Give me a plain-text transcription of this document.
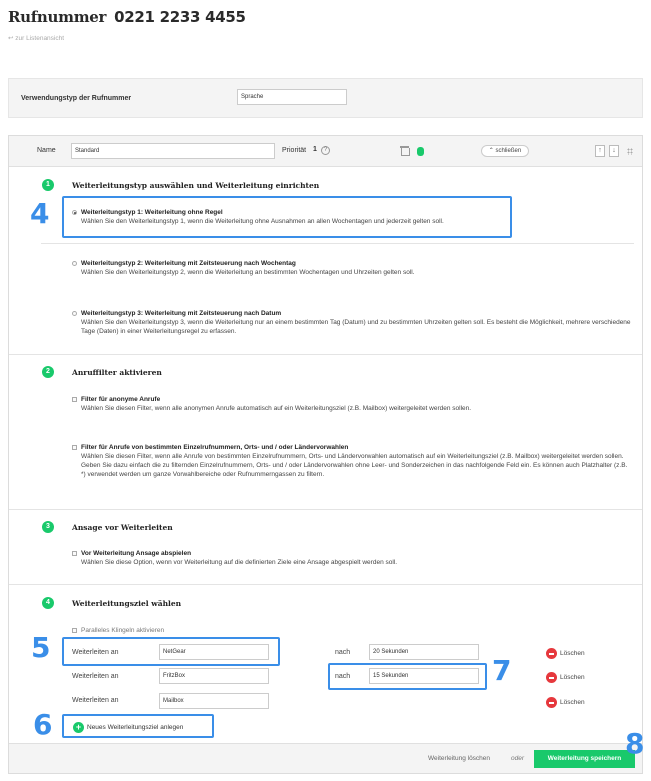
Rufnummer 0221 2233 4455
↩ zur Listenansicht
Verwendungstyp der Rufnummer	Sprache
Name	Standard	Priorität 1	?	⌃ schließen	↑	↓
1	Weiterleitungstyp auswählen und Weiterleitung einrichten
Weiterleitungstyp 1: Weiterleitung ohne Regel
Wählen Sie den Weiterleitungstyp 1, wenn die Weiterleitung ohne Ausnahmen an allen Wochentagen und jederzeit gelten soll.
Weiterleitungstyp 2: Weiterleitung mit Zeitsteuerung nach Wochentag
Wählen Sie den Weiterleitungstyp 2, wenn die Weiterleitung an bestimmten Wochentagen und Uhrzeiten gelten soll.
Weiterleitungstyp 3: Weiterleitung mit Zeitsteuerung nach Datum
Wählen Sie den Weiterleitungstyp 3, wenn die Weiterleitung nur an einem bestimmten Tag (Datum) und zu bestimmten Uhrzeiten gelten soll. Es besteht die Möglichkeit, mehrere verschiedene Tage (Daten) in einer Weiterleitungsregel zu erfassen.
2	Anruffilter aktivieren
Filter für anonyme Anrufe
Wählen Sie diesen Filter, wenn alle anonymen Anrufe automatisch auf ein Weiterleitungsziel (z.B. Mailbox) weitergeleitet werden sollen.
Filter für Anrufe von bestimmten Einzelrufnummern, Orts- und / oder Ländervorwahlen
Wählen Sie diesen Filter, wenn alle Anrufe von bestimmten Einzelrufnummern, Orts- und Ländervorwahlen automatisch auf ein Weiterleitungsziel (z.B. Mailbox) weitergeleitet werden sollen. Geben Sie dazu einfach die zu filternden Einzelrufnummern, Orts- und / oder Ländervorwahlen ohne Leer- und Sonderzeichen in das nachfolgende Feld ein. Es können auch Platzhalter (z.B. *) verwendet werden um ganze Vorwahlbereiche oder Rufnummerngassen zu filtern.
3	Ansage vor Weiterleiten
Vor Weiterleitung Ansage abspielen
Wählen Sie diese Option, wenn vor Weiterleitung auf die definierten Ziele eine Ansage abgespielt werden soll.
4	Weiterleitungsziel wählen
Paralleles Klingeln aktivieren
Weiterleiten an	NetGear	nach	20 Sekunden	Löschen
Weiterleiten an	FritzBox	nach	15 Sekunden	Löschen
Weiterleiten an	Mailbox	Löschen
+ Neues Weiterleitungsziel anlegen
Weiterleitung löschen	oder	Weiterleitung speichern
4
5
6
7
8
